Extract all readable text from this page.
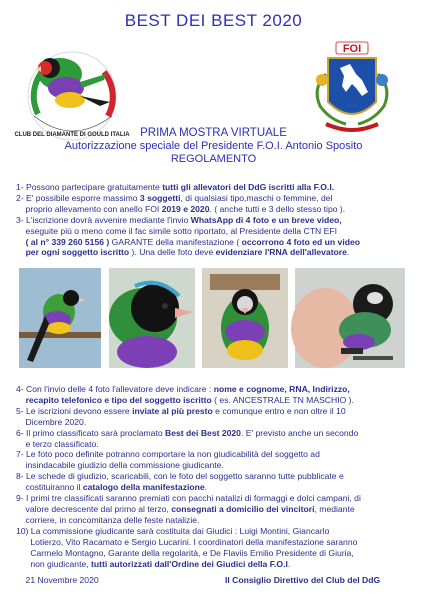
BEST DEI BEST 2020
CLUB DEL DIAMANTE DI GOULD ITALIA
FOI
PRIMA MOSTRA VIRTUALE
Autorizzazione speciale del Presidente F.O.I. Antonio Sposito
REGOLAMENTO
1- Possono partecipare gratuitamente tutti gli allevatori del DdG iscritti alla F.O.I.
2- E' possibile esporre massimo 3 soggetti, di qualsiasi tipo,maschi o femmine, del
proprio allevamento con anello FOI 2019 e 2020. ( anche tutti e 3 dello stesso tipo ).
3- L'iscrizione dovrà avvenire mediante l'invio WhatsApp di 4 foto e un breve video,
eseguite più o meno come il fac simile sotto riportato, al Presidente della CTN EFI
( al n° 339 260 5156 ) GARANTE della manifestazione ( occorrono 4 foto ed un video
per ogni soggetto iscritto ). Una delle foto deve evidenziare l'RNA dell'allevatore.
4- Con l'invio delle 4 foto l'allevatore deve indicare : nome e cognome, RNA, Indirizzo,
recapito telefonico e tipo del soggetto iscritto ( es. ANCESTRALE TN MASCHIO ).
5- Le iscrizioni devono essere inviate al più presto e comunque entro e non oltre il 10
Dicembre 2020.
6- Il primo classificato sarà proclamato Best dei Best 2020. E' previsto anche un secondo
e terzo classificato.
7- Le foto poco definite potranno comportare la non giudicabilità del soggetto ad
insindacabile giudizio della commissione giudicante.
8- Le schede di giudizio, scaricabili, con le foto del soggetto saranno tutte pubblicate e
costituiranno il catalogo della manifestazione.
9- I primi tre classificati saranno premiati con pacchi natalizi di formaggi e dolci campani, di
valore decrescente dal primo al terzo, consegnati a domicilio dei vincitori, mediante
corriere, in concomitanza delle feste natalizie.
10) La commissione giudicante sarà costituita dai Giudici : Luigi Montini, Giancarlo
Lotierzo, Vito Racamato e Sergio Lucarini. I coordinatori della manifestazione saranno
Carmelo Montagno, Garante della regolarità, e De Flaviis Emilio Presidente di Giuria,
non giudicante, tutti autorizzati dall'Ordine dei Giudici della F.O.I.
21 Novembre 2020	Il Consiglio Direttivo del Club del DdG
